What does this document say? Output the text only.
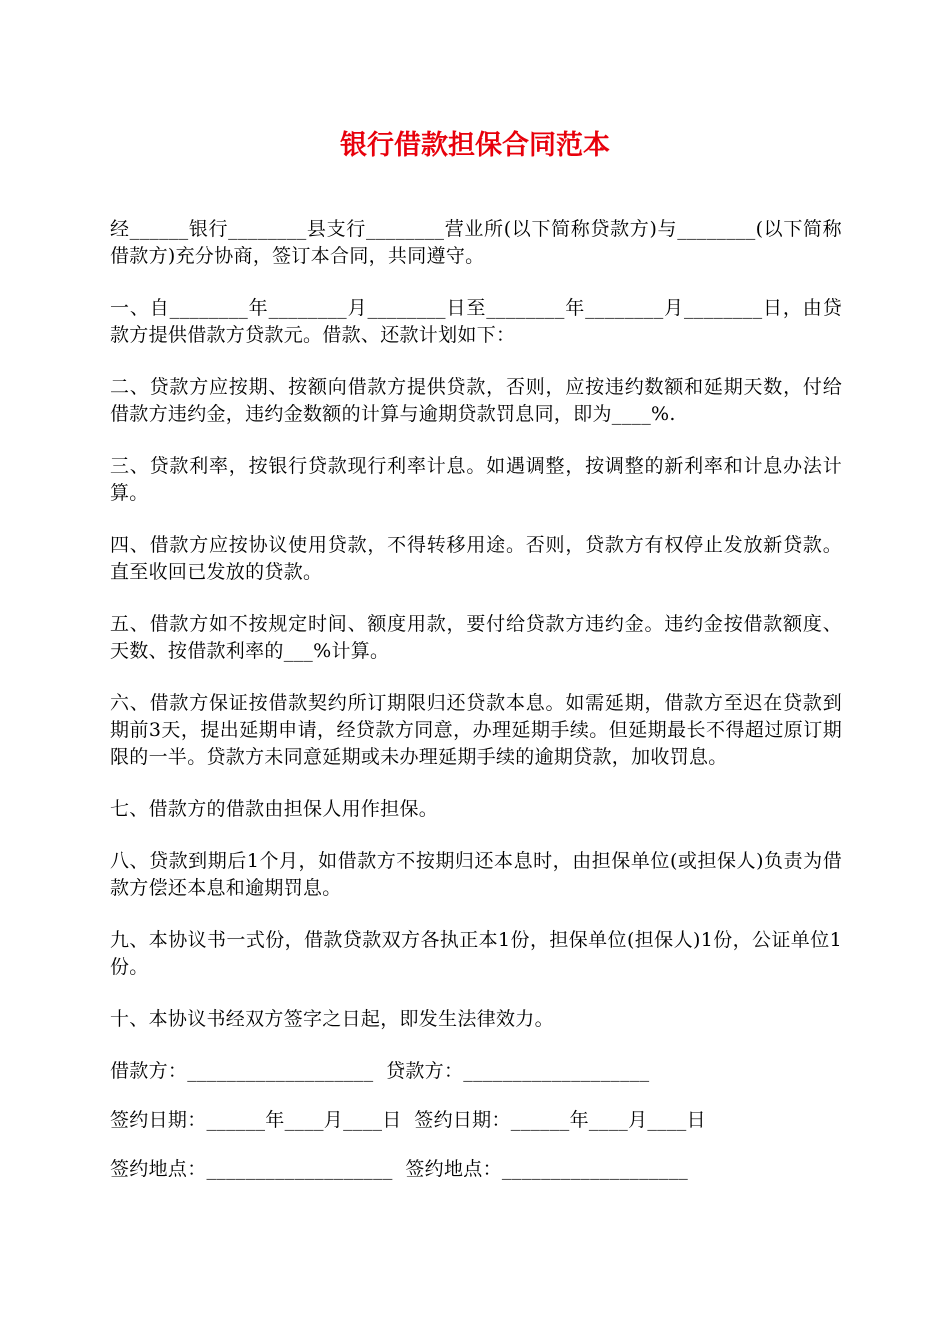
银行借款担保合同范本

经______银行________县支行________营业所(以下简称贷款方)与________(以下简称借款方)充分协商，签订本合同，共同遵守。

一、自________年________月________日至________年________月________日，由贷款方提供借款方贷款元。借款、还款计划如下：

二、贷款方应按期、按额向借款方提供贷款，否则，应按违约数额和延期天数，付给借款方违约金，违约金数额的计算与逾期贷款罚息同，即为____%.

三、贷款利率，按银行贷款现行利率计息。如遇调整，按调整的新利率和计息办法计算。

四、借款方应按协议使用贷款，不得转移用途。否则，贷款方有权停止发放新贷款。直至收回已发放的贷款。

五、借款方如不按规定时间、额度用款，要付给贷款方违约金。违约金按借款额度、天数、按借款利率的___%计算。

六、借款方保证按借款契约所订期限归还贷款本息。如需延期，借款方至迟在贷款到期前3天，提出延期申请，经贷款方同意，办理延期手续。但延期最长不得超过原订期限的一半。贷款方未同意延期或未办理延期手续的逾期贷款，加收罚息。

七、借款方的借款由担保人用作担保。

八、贷款到期后1个月，如借款方不按期归还本息时，由担保单位(或担保人)负责为借款方偿还本息和逾期罚息。

九、本协议书一式份，借款贷款双方各执正本1份，担保单位(担保人)1份，公证单位1份。

十、本协议书经双方签字之日起，即发生法律效力。

借款方：___________________  贷款方：___________________
签约日期：______年____月____日  签约日期：______年____月____日
签约地点：___________________  签约地点：___________________
